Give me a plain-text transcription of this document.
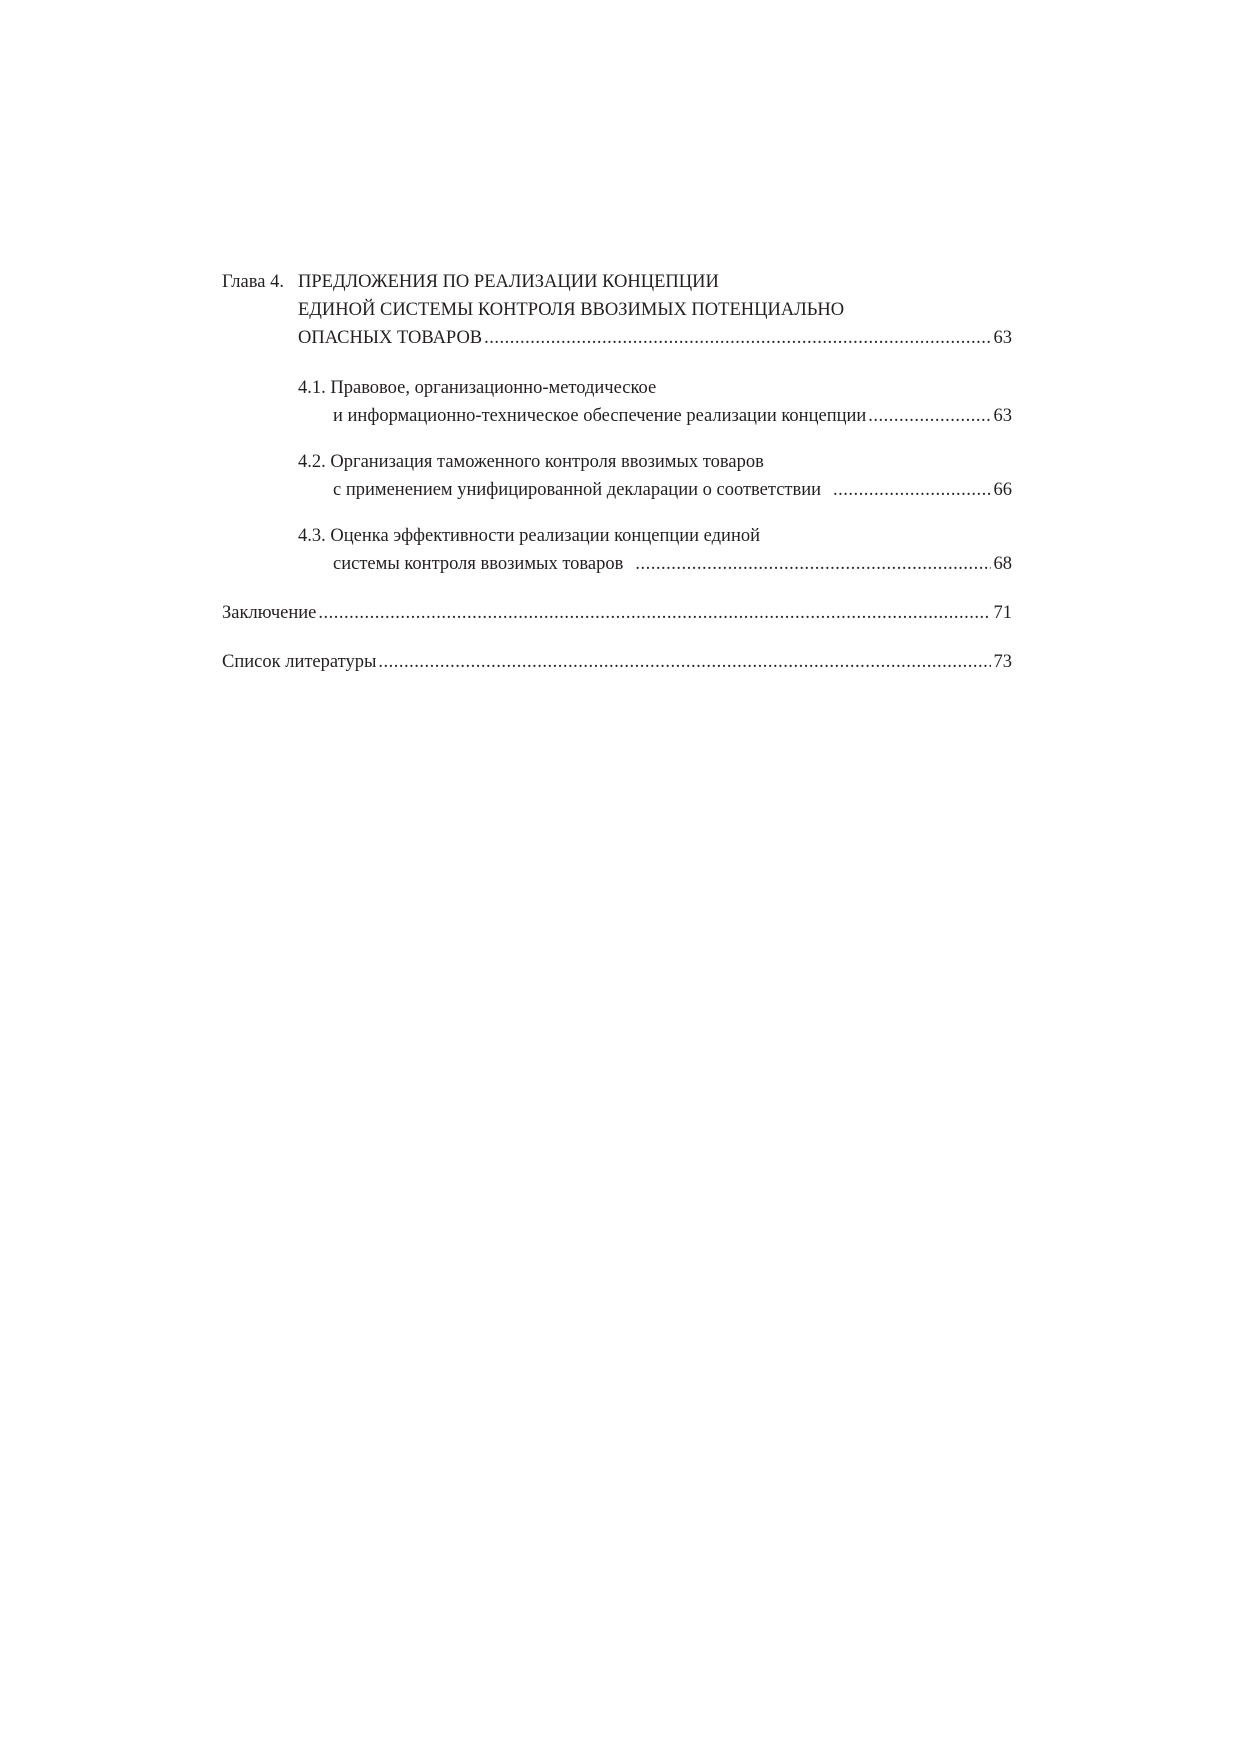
Глава 4. ПРЕДЛОЖЕНИЯ ПО РЕАЛИЗАЦИИ КОНЦЕПЦИИ
ЕДИНОЙ СИСТЕМЫ КОНТРОЛЯ ВВОЗИМЫХ ПОТЕНЦИАЛЬНО
ОПАСНЫХ ТОВАРОВ .....	63
4.1. Правовое, организационно-методическое
и информационно-техническое обеспечение реализации концепции .....	63
4.2. Организация таможенного контроля ввозимых товаров
с применением унифицированной декларации о соответствии .....	66
4.3. Оценка эффективности реализации концепции единой
системы контроля ввозимых товаров .....	68
Заключение .....	71
Список литературы .....	73
